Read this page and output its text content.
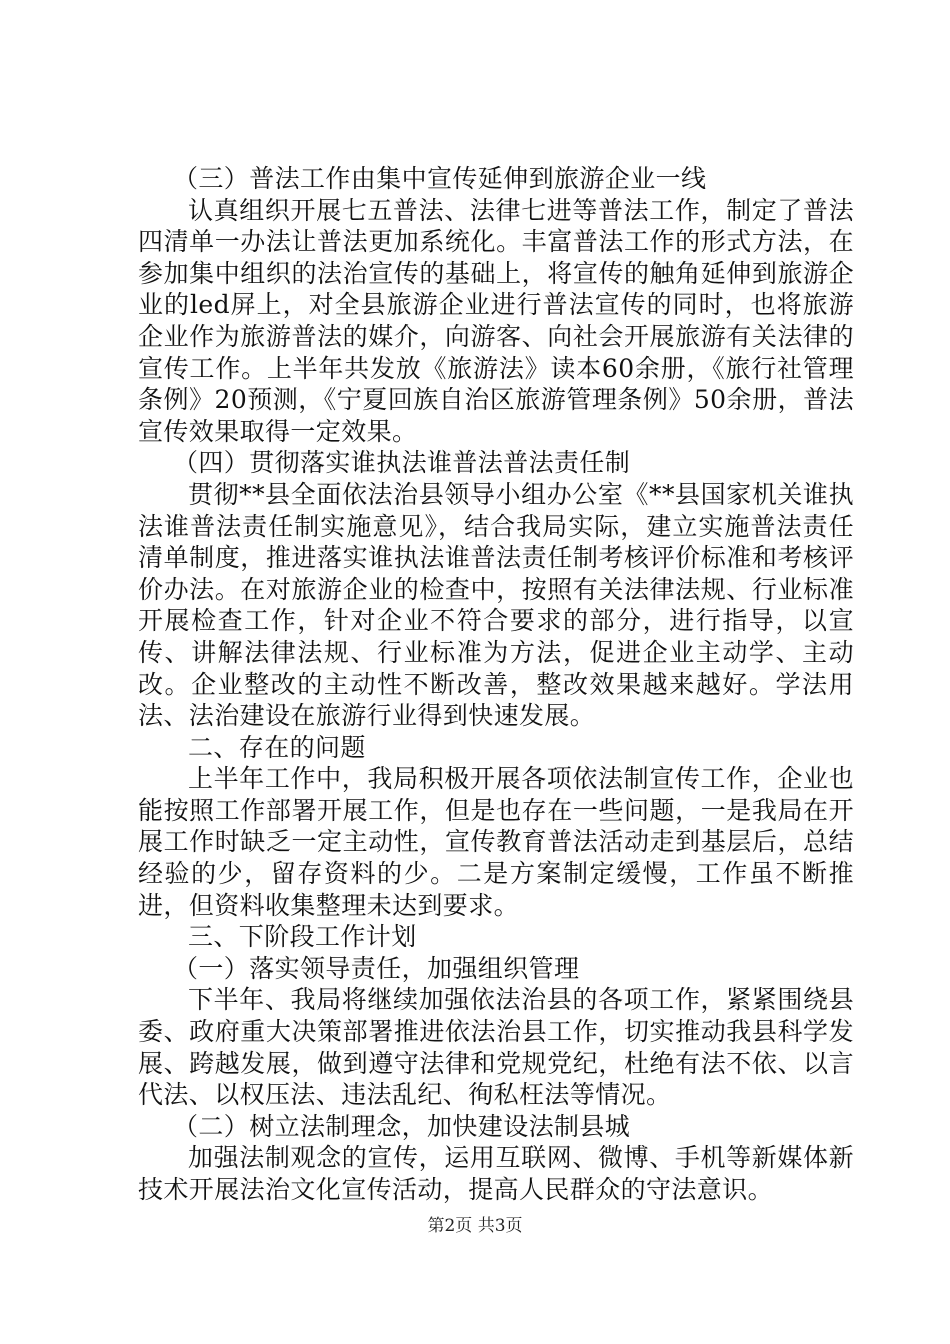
（三）普法工作由集中宣传延伸到旅游企业一线

认真组织开展七五普法、法律七进等普法工作，制定了普法四清单一办法让普法更加系统化。丰富普法工作的形式方法，在参加集中组织的法治宣传的基础上，将宣传的触角延伸到旅游企业的led屏上，对全县旅游企业进行普法宣传的同时，也将旅游企业作为旅游普法的媒介，向游客、向社会开展旅游有关法律的宣传工作。上半年共发放《旅游法》读本60余册，《旅行社管理条例》20预测，《宁夏回族自治区旅游管理条例》50余册，普法宣传效果取得一定效果。

（四）贯彻落实谁执法谁普法普法责任制

贯彻**县全面依法治县领导小组办公室《**县国家机关谁执法谁普法责任制实施意见》，结合我局实际，建立实施普法责任清单制度，推进落实谁执法谁普法责任制考核评价标准和考核评价办法。在对旅游企业的检查中，按照有关法律法规、行业标准开展检查工作，针对企业不符合要求的部分，进行指导，以宣传、讲解法律法规、行业标准为方法，促进企业主动学、主动改。企业整改的主动性不断改善，整改效果越来越好。学法用法、法治建设在旅游行业得到快速发展。

二、存在的问题

上半年工作中，我局积极开展各项依法制宣传工作，企业也能按照工作部署开展工作，但是也存在一些问题，一是我局在开展工作时缺乏一定主动性，宣传教育普法活动走到基层后，总结经验的少，留存资料的少。二是方案制定缓慢，工作虽不断推进，但资料收集整理未达到要求。

三、下阶段工作计划

（一）落实领导责任，加强组织管理

下半年、我局将继续加强依法治县的各项工作，紧紧围绕县委、政府重大决策部署推进依法治县工作，切实推动我县科学发展、跨越发展，做到遵守法律和党规党纪，杜绝有法不依、以言代法、以权压法、违法乱纪、徇私枉法等情况。

（二）树立法制理念，加快建设法制县城

加强法制观念的宣传，运用互联网、微博、手机等新媒体新技术开展法治文化宣传活动，提高人民群众的守法意识。

第2页 共3页
